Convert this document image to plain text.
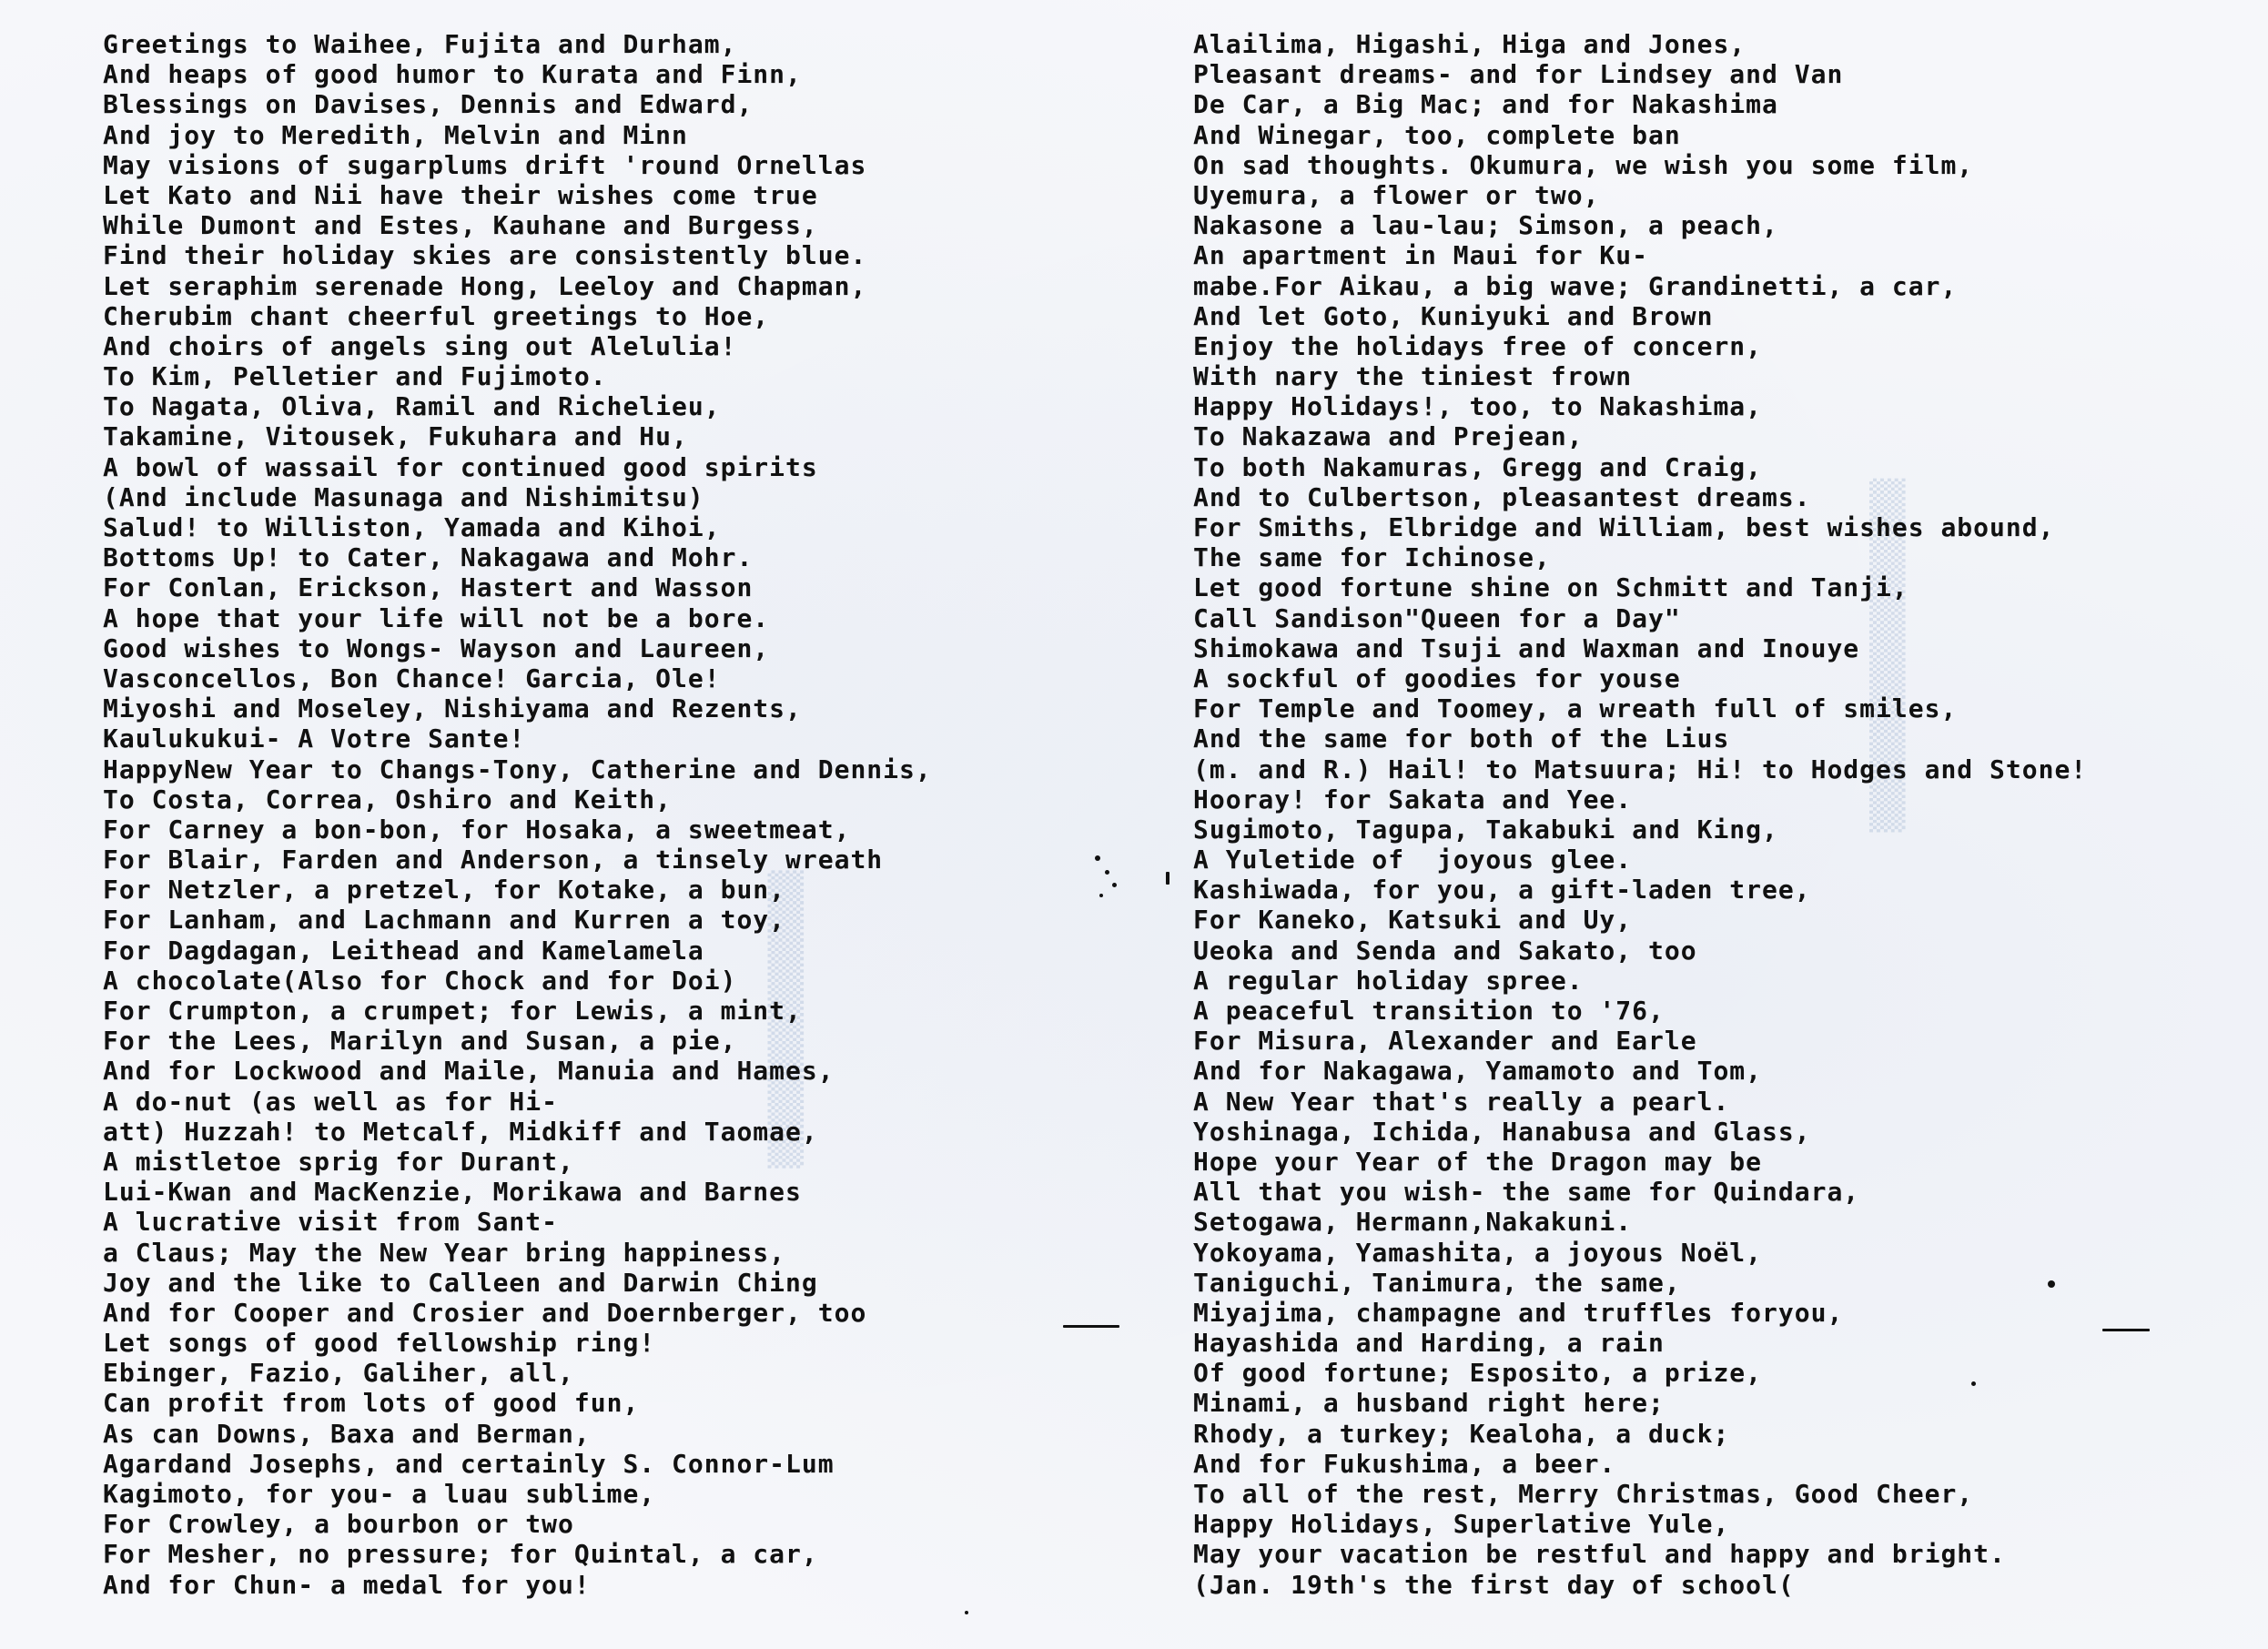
▒▒▒▒▒▒▒▒▒▒▒▒▒▒▒▒▒▒▒
▒▒▒▒▒▒▒▒▒▒▒▒▒▒▒▒
Greetings to Waihee, Fujita and Durham,
And heaps of good humor to Kurata and Finn,
Blessings on Davises, Dennis and Edward,
And joy to Meredith, Melvin and Minn
May visions of sugarplums drift 'round Ornellas
Let Kato and Nii have their wishes come true
While Dumont and Estes, Kauhane and Burgess,
Find their holiday skies are consistently blue.
Let seraphim serenade Hong, Leeloy and Chapman,
Cherubim chant cheerful greetings to Hoe,
And choirs of angels sing out Alelulia!
To Kim, Pelletier and Fujimoto.
To Nagata, Oliva, Ramil and Richelieu,
Takamine, Vitousek, Fukuhara and Hu,
A bowl of wassail for continued good spirits
(And include Masunaga and Nishimitsu)
Salud! to Williston, Yamada and Kihoi,
Bottoms Up! to Cater, Nakagawa and Mohr.
For Conlan, Erickson, Hastert and Wasson
A hope that your life will not be a bore.
Good wishes to Wongs- Wayson and Laureen,
Vasconcellos, Bon Chance! Garcia, Ole!
Miyoshi and Moseley, Nishiyama and Rezents,
Kaulukukui- A Votre Sante!
HappyNew Year to Changs-Tony, Catherine and Dennis,
To Costa, Correa, Oshiro and Keith,
For Carney a bon-bon, for Hosaka, a sweetmeat,
For Blair, Farden and Anderson, a tinsely wreath
For Netzler, a pretzel, for Kotake, a bun,
For Lanham, and Lachmann and Kurren a toy,
For Dagdagan, Leithead and Kamelamela
A chocolate(Also for Chock and for Doi)
For Crumpton, a crumpet; for Lewis, a mint,
For the Lees, Marilyn and Susan, a pie,
And for Lockwood and Maile, Manuia and Hames,
A do-nut (as well as for Hi-
att) Huzzah! to Metcalf, Midkiff and Taomae,
A mistletoe sprig for Durant,
Lui-Kwan and MacKenzie, Morikawa and Barnes
A lucrative visit from Sant-
a Claus; May the New Year bring happiness,
Joy and the like to Calleen and Darwin Ching
And for Cooper and Crosier and Doernberger, too
Let songs of good fellowship ring!
Ebinger, Fazio, Galiher, all,
Can profit from lots of good fun,
As can Downs, Baxa and Berman,
Agardand Josephs, and certainly S. Connor-Lum
Kagimoto, for you- a luau sublime,
For Crowley, a bourbon or two
For Mesher, no pressure; for Quintal, a car,
And for Chun- a medal for you!
Alailima, Higashi, Higa and Jones,
Pleasant dreams- and for Lindsey and Van
De Car, a Big Mac; and for Nakashima
And Winegar, too, complete ban
On sad thoughts. Okumura, we wish you some film,
Uyemura, a flower or two,
Nakasone a lau-lau; Simson, a peach,
An apartment in Maui for Ku-
mabe.For Aikau, a big wave; Grandinetti, a car,
And let Goto, Kuniyuki and Brown
Enjoy the holidays free of concern,
With nary the tiniest frown
Happy Holidays!, too, to Nakashima,
To Nakazawa and Prejean,
To both Nakamuras, Gregg and Craig,
And to Culbertson, pleasantest dreams.
For Smiths, Elbridge and William, best wishes abound,
The same for Ichinose,
Let good fortune shine on Schmitt and Tanji,
Call Sandison"Queen for a Day"
Shimokawa and Tsuji and Waxman and Inouye
A sockful of goodies for youse
For Temple and Toomey, a wreath full of smiles,
And the same for both of the Lius
(m. and R.) Hail! to Matsuura; Hi! to Hodges and Stone!
Hooray! for Sakata and Yee.
Sugimoto, Tagupa, Takabuki and King,
A Yuletide of  joyous glee.
Kashiwada, for you, a gift-laden tree,
For Kaneko, Katsuki and Uy,
Ueoka and Senda and Sakato, too
A regular holiday spree.
A peaceful transition to '76,
For Misura, Alexander and Earle
And for Nakagawa, Yamamoto and Tom,
A New Year that's really a pearl.
Yoshinaga, Ichida, Hanabusa and Glass,
Hope your Year of the Dragon may be
All that you wish- the same for Quindara,
Setogawa, Hermann,Nakakuni.
Yokoyama, Yamashita, a joyous Noël,
Taniguchi, Tanimura, the same,
Miyajima, champagne and truffles foryou,
Hayashida and Harding, a rain
Of good fortune; Esposito, a prize,
Minami, a husband right here;
Rhody, a turkey; Kealoha, a duck;
And for Fukushima, a beer.
To all of the rest, Merry Christmas, Good Cheer,
Happy Holidays, Superlative Yule,
May your vacation be restful and happy and bright.
(Jan. 19th's the first day of school(
